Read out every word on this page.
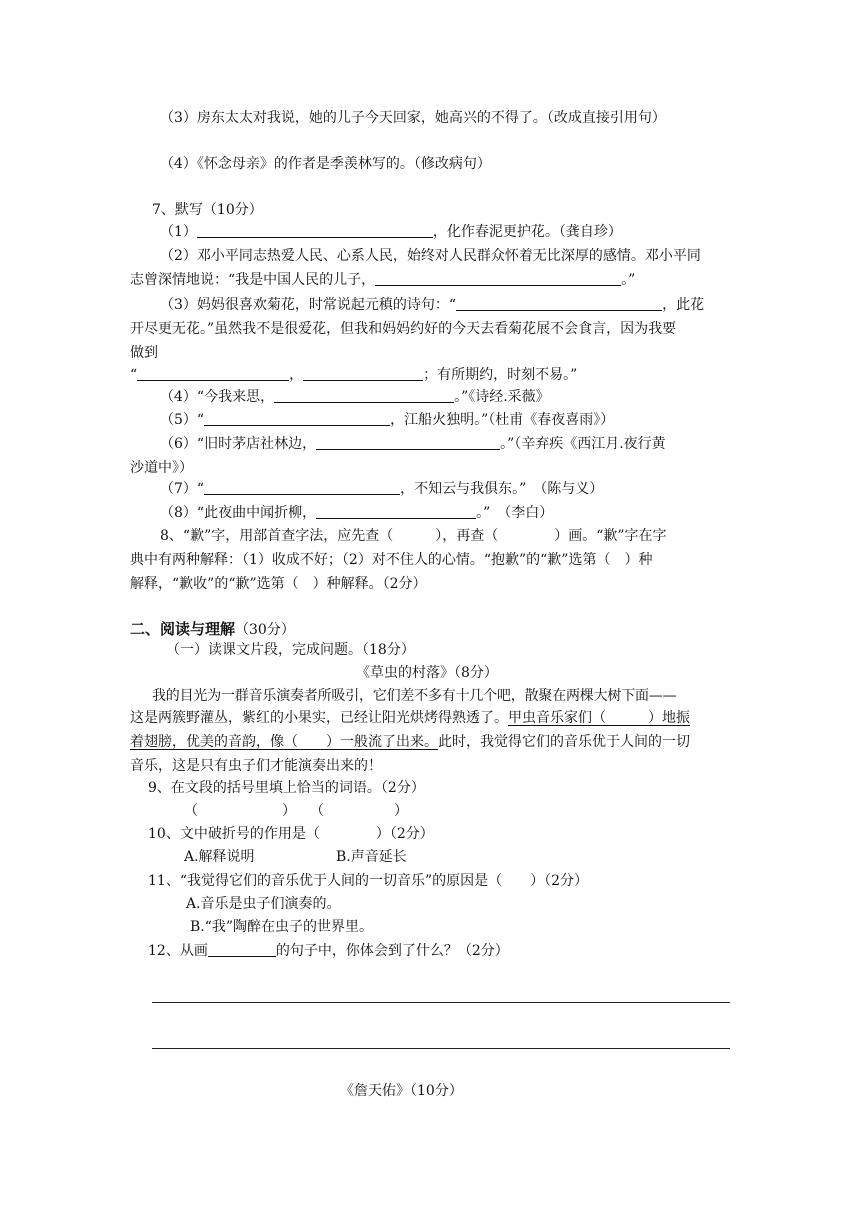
（3）房东太太对我说，她的儿子今天回家，她高兴的不得了。（改成直接引用句）
（4）《怀念母亲》的作者是季羡林写的。（修改病句）
7、默写（10分）
（1）	，化作春泥更护花。（龚自珍）
（2）邓小平同志热爱人民、心系人民，始终对人民群众怀着无比深厚的感情。邓小平同
志曾深情地说：“我是中国人民的儿子，	。”
（3）妈妈很喜欢菊花，时常说起元稹的诗句：“	，此花
开尽更无花。”虽然我不是很爱花，但我和妈妈约好的今天去看菊花展不会食言，因为我要
做到
“	，	；有所期约，时刻不易。”
（4）“今我来思，	。”《诗经.采薇》
（5）“	，江船火独明。”（杜甫《春夜喜雨》）
（6）“旧时茅店社林边，	。”（辛弃疾《西江月.夜行黄
沙道中》）
（7）“	，不知云与我俱东。”　（陈与义）
（8）“此夜曲中闻折柳，	。”　（李白）
8、“歉”字，用部首查字法，应先查（　　　），再查（　　　　）画。“歉”字在字
典中有两种解释：（1）收成不好；（2）对不住人的心情。“抱歉”的“歉”选第（　）种
解释，“歉收”的“歉”选第（　）种解释。（2分）
二、阅读与理解（30分）
（一）读课文片段，完成问题。（18分）
《草虫的村落》（8分）
我的目光为一群音乐演奏者所吸引，它们差不多有十几个吧，散聚在两棵大树下面——
这是两簇野灌丛，紫红的小果实，已经让阳光烘烤得熟透了。甲虫音乐家们（　　　）地振
着翅膀，优美的音韵，像（　　）一般流了出来。此时，我觉得它们的音乐优于人间的一切
音乐，这是只有虫子们才能演奏出来的！
9、在文段的括号里填上恰当的词语。（2分）
（　　　　　　）　　（　　　　　）
10、文中破折号的作用是（　　　　）（2分）
A.解释说明	B.声音延长
11、“我觉得它们的音乐优于人间的一切音乐”的原因是（　　）（2分）
A.音乐是虫子们演奏的。
B.“我”陶醉在虫子的世界里。
12、从画	的句子中，你体会到了什么？（2分）
《詹天佑》（10分）
